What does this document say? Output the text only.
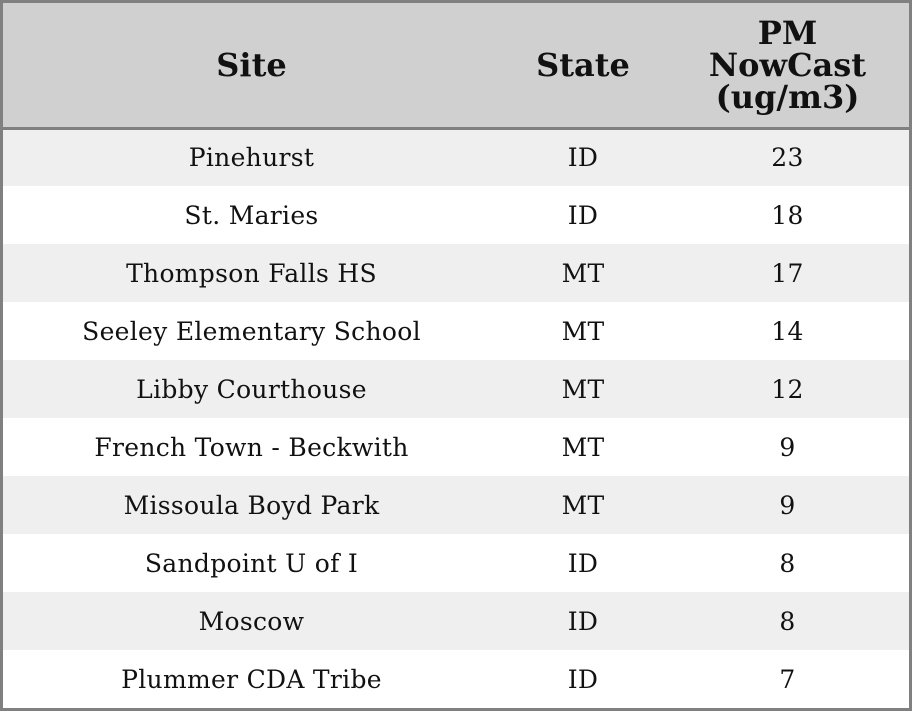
Site	State	PM
NowCast
(ug/m3)

Pinehurst	ID	23
St. Maries	ID	18
Thompson Falls HS	MT	17
Seeley Elementary School	MT	14
Libby Courthouse	MT	12
French Town - Beckwith	MT	9
Missoula Boyd Park	MT	9
Sandpoint U of I	ID	8
Moscow	ID	8
Plummer CDA Tribe	ID	7
